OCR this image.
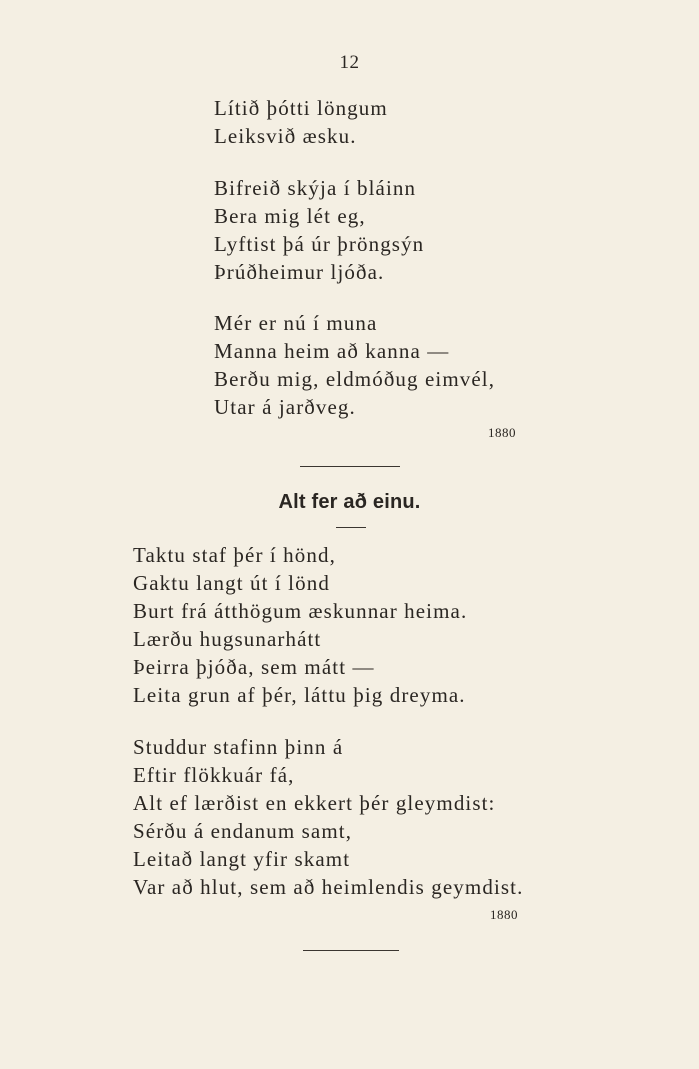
12
Lítið þótti löngum
Leiksvið æsku.
Bifreið skýja í bláinn
Bera mig lét eg,
Lyftist þá úr þröngsýn
Þrúðheimur ljóða.
Mér er nú í muna
Manna heim að kanna —
Berðu mig, eldmóðug eimvél,
Utar á jarðveg.
1880
Alt fer að einu.
Taktu staf þér í hönd,
Gaktu langt út í lönd
Burt frá átthögum æskunnar heima.
Lærðu hugsunarhátt
Þeirra þjóða, sem mátt —
Leita grun af þér, láttu þig dreyma.
Studdur stafinn þinn á
Eftir flökkuár fá,
Alt ef lærðist en ekkert þér gleymdist:
Sérðu á endanum samt,
Leitað langt yfir skamt
Var að hlut, sem að heimlendis geymdist.
1880
